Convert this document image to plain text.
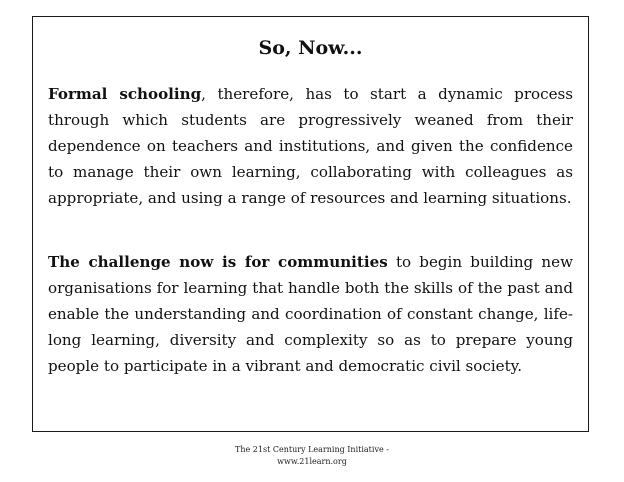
So, Now...

Formal schooling, therefore, has to start a dynamic process through which students are progressively weaned from their dependence on teachers and institutions, and given the confidence to manage their own learning, collaborating with colleagues as appropriate, and using a range of resources and learning situations.

The challenge now is for communities to begin building new organisations for learning that handle both the skills of the past and enable the understanding and coordination of constant change, life-long learning, diversity and complexity so as to prepare young people to participate in a vibrant and democratic civil society.

The 21st Century Learning Initiative -
www.21learn.org
